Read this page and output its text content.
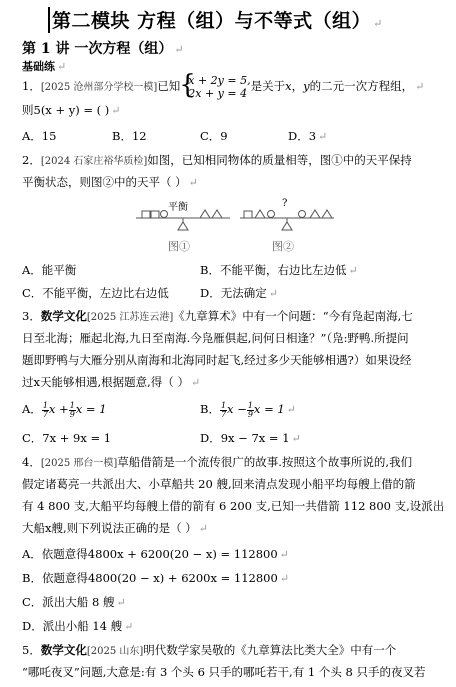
第二模块 方程（组）与不等式（组） ↵
第 1 讲 一次方程（组） ↵
基础练 ↵
1．[2025 沧州部分学校一模]已知
{ x + 2y = 5,
2x + y = 4
是关于x，y的二元一次方程组， ↵
则5(x + y) = ( ) ↵
A．15	B．12	C．9	D．3 ↵
2．[2024 石家庄裕华质检]如图，已知相同物体的质量相等，图①中的天平保持
平衡状态，则图②中的天平（ ） ↵
平衡	?
图①	图②
A．能平衡	B．不能平衡，右边比左边低 ↵
C．不能平衡，左边比右边低	D．无法确定 ↵
3．数学文化[2025 江苏连云港]《九章算术》中有一个问题：“今有凫起南海,七
日至北海；雁起北海,九日至南海.今凫雁俱起,问何日相逢？”（凫:野鸭.所提问
题即野鸭与大雁分别从南海和北海同时起飞,经过多少天能够相遇?）如果设经
过x天能够相遇,根据题意,得（ ） ↵
A． $\frac{1}{7}$ $x + \frac{1}{9}$ x = 1	B． $\frac{1}{7}$ $x - \frac{1}{9}$ x = 1 ↵
C．7x + 9x = 1	D．9x − 7x = 1 ↵
4．[2025 邢台一模]草船借箭是一个流传很广的故事.按照这个故事所说的,我们
假定诸葛亮一共派出大、小草船共 20 艘,回来清点发现小船平均每艘上借的箭
有 4 800 支,大船平均每艘上借的箭有 6 200 支,已知一共借箭 112 800 支,设派出
大船x艘,则下列说法正确的是（ ） ↵
A．依题意得4800x + 6200(20 − x) = 112800 ↵
B．依题意得4800(20 − x) + 6200x = 112800 ↵
C．派出大船 8 艘 ↵
D．派出小船 14 艘 ↵
5．数学文化[2025 山东]明代数学家吴敬的《九章算法比类大全》中有一个
“哪吒夜叉”问题,大意是:有 3 个头 6 只手的哪吒若干,有 1 个头 8 只手的夜叉若
